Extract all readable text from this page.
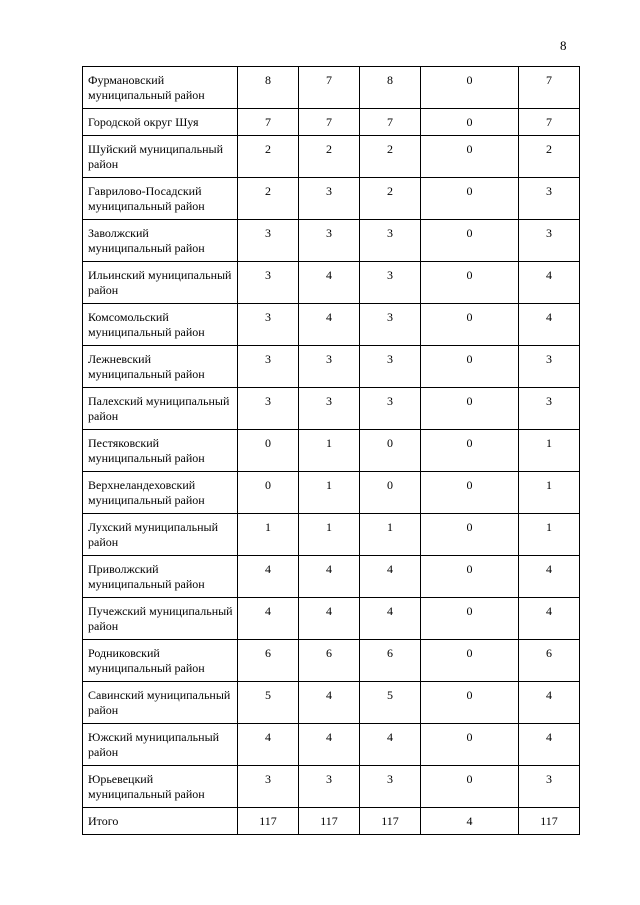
8
Фурмановский муниципальный район	8	7	8	0	7
Городской округ Шуя	7	7	7	0	7
Шуйский муниципальный район	2	2	2	0	2
Гаврилово-Посадский муниципальный район	2	3	2	0	3
Заволжский муниципальный район	3	3	3	0	3
Ильинский муниципальный район	3	4	3	0	4
Комсомольский муниципальный район	3	4	3	0	4
Лежневский муниципальный район	3	3	3	0	3
Палехский муниципальный район	3	3	3	0	3
Пестяковский муниципальный район	0	1	0	0	1
Верхнеландеховский муниципальный район	0	1	0	0	1
Лухский муниципальный район	1	1	1	0	1
Приволжский муниципальный район	4	4	4	0	4
Пучежский муниципальный район	4	4	4	0	4
Родниковский муниципальный район	6	6	6	0	6
Савинский муниципальный район	5	4	5	0	4
Южский муниципальный район	4	4	4	0	4
Юрьевецкий муниципальный район	3	3	3	0	3
Итого	117	117	117	4	117
